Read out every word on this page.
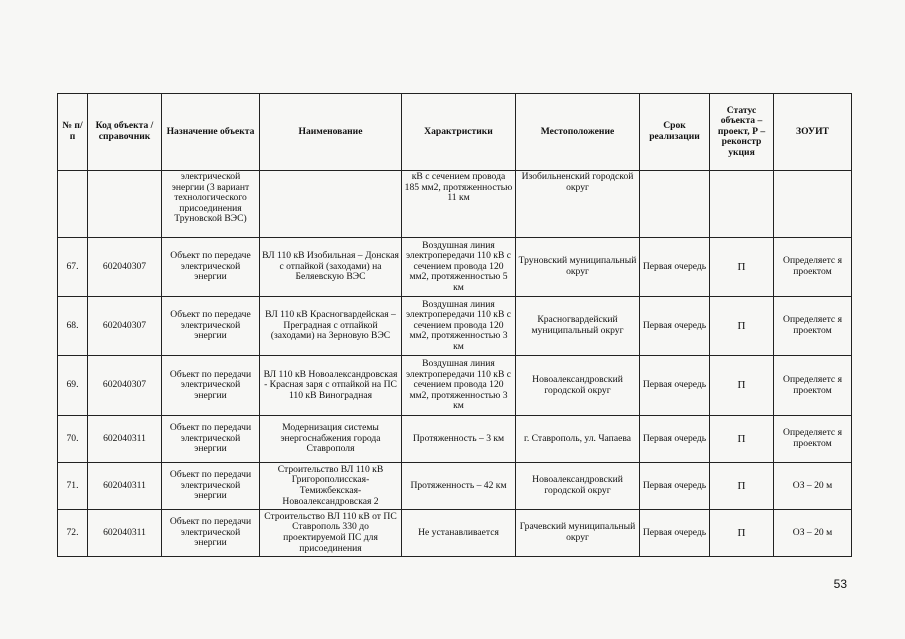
№ п/п	Код объекта / справочник	Назначение объекта	Наименование	Характристики	Местоположение	Срок реализации	Статус объекта – проект, Р – реконстр укция	ЗОУИТ
		электрической энергии (3 вариант технологического присоединения Труновской ВЭС)		кВ с сечением провода 185 мм2, протяженностью 11 км	Изобильненский городской округ			
67.	602040307	Объект по передаче электрической энергии	ВЛ 110 кВ Изобильная – Донская с отпайкой (заходами) на Беляевскую ВЭС	Воздушная линия электропередачи 110 кВ с сечением провода 120 мм2, протяженностью 5 км	Труновский муниципальный округ	Первая очередь	П	Определяетс я проектом
68.	602040307	Объект по передаче электрической энергии	ВЛ 110 кВ Красногвардейская – Преградная с отпайкой (заходами) на Зерновую ВЭС	Воздушная линия электропередачи 110 кВ с сечением провода 120 мм2, протяженностью 3 км	Красногвардейский муниципальный округ	Первая очередь	П	Определяетс я проектом
69.	602040307	Объект по передачи электрической энергии	ВЛ 110 кВ Новоалександровская - Красная заря с отпайкой на ПС 110 кВ Виноградная	Воздушная линия электропередачи 110 кВ с сечением провода 120 мм2, протяженностью 3 км	Новоалександровский городской округ	Первая очередь	П	Определяетс я проектом
70.	602040311	Объект по передачи электрической энергии	Модернизация системы энергоснабжения города Ставрополя	Протяженность – 3 км	г. Ставрополь, ул. Чапаева	Первая очередь	П	Определяетс я проектом
71.	602040311	Объект по передачи электрической энергии	Строительство ВЛ 110 кВ Григорополисская-Темижбекская-Новоалександровская 2	Протяженность – 42 км	Новоалександровский городской округ	Первая очередь	П	ОЗ – 20 м
72.	602040311	Объект по передачи электрической энергии	Строительство ВЛ 110 кВ от ПС Ставрополь 330 до проектируемой ПС для присоединения	Не устанавливается	Грачевский муниципальный округ	Первая очередь	П	ОЗ – 20 м
53
